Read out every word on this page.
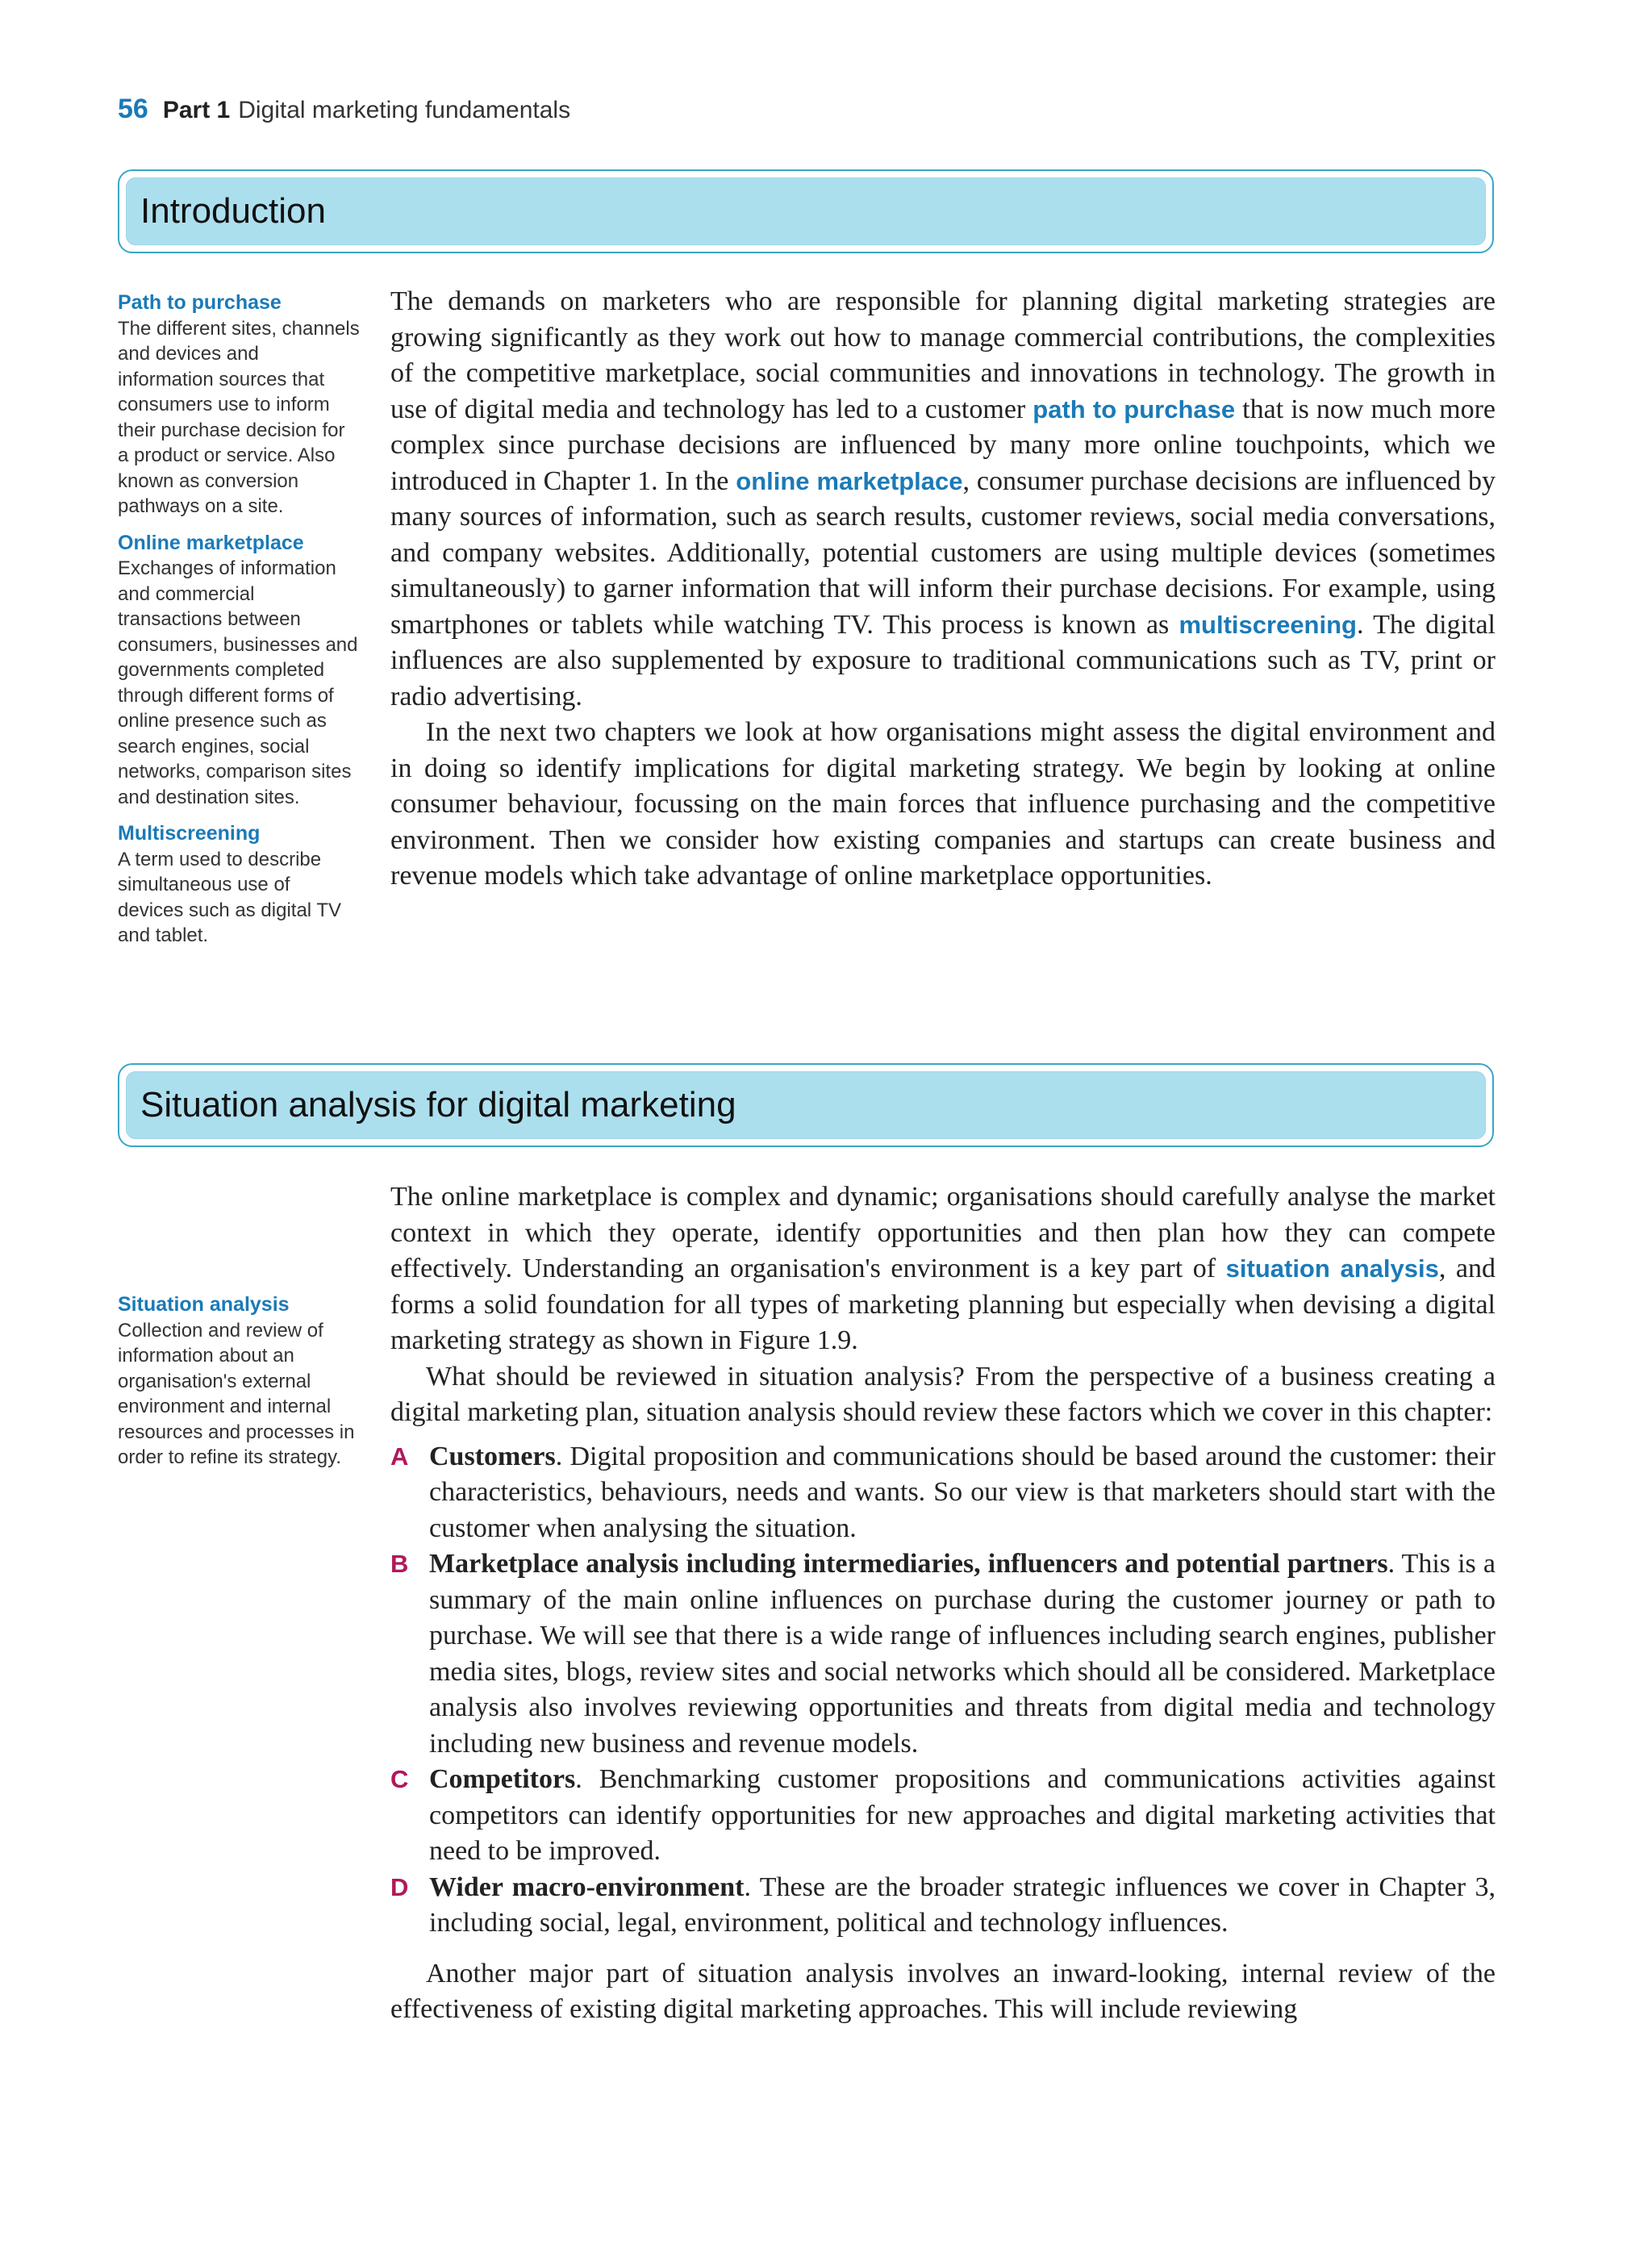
56 Part 1 Digital marketing fundamentals
Introduction
Path to purchase
The different sites, channels and devices and information sources that consumers use to inform their purchase decision for a product or service. Also known as conversion pathways on a site.
Online marketplace
Exchanges of information and commercial transactions between consumers, businesses and governments completed through different forms of online presence such as search engines, social networks, comparison sites and destination sites.
Multiscreening
A term used to describe simultaneous use of devices such as digital TV and tablet.

The demands on marketers who are responsible for planning digital marketing strategies are growing significantly as they work out how to manage commercial contributions, the complexities of the competitive marketplace, social communities and innovations in technology. The growth in use of digital media and technology has led to a customer path to purchase that is now much more complex since purchase decisions are influenced by many more online touchpoints, which we introduced in Chapter 1. In the online marketplace, consumer purchase decisions are influenced by many sources of information, such as search results, customer reviews, social media conversations, and company websites. Additionally, potential customers are using multiple devices (sometimes simultaneously) to garner information that will inform their purchase decisions. For example, using smartphones or tablets while watching TV. This process is known as multiscreening. The digital influences are also supplemented by exposure to traditional communications such as TV, print or radio advertising.

In the next two chapters we look at how organisations might assess the digital environment and in doing so identify implications for digital marketing strategy. We begin by looking at online consumer behaviour, focussing on the main forces that influence purchasing and the competitive environment. Then we consider how existing companies and startups can create business and revenue models which take advantage of online marketplace opportunities.

Situation analysis for digital marketing
Situation analysis
Collection and review of information about an organisation's external environment and internal resources and processes in order to refine its strategy.

The online marketplace is complex and dynamic; organisations should carefully analyse the market context in which they operate, identify opportunities and then plan how they can compete effectively. Understanding an organisation's environment is a key part of situation analysis, and forms a solid foundation for all types of marketing planning but especially when devising a digital marketing strategy as shown in Figure 1.9.

What should be reviewed in situation analysis? From the perspective of a business creating a digital marketing plan, situation analysis should review these factors which we cover in this chapter:

A Customers. Digital proposition and communications should be based around the customer: their characteristics, behaviours, needs and wants. So our view is that marketers should start with the customer when analysing the situation.
B Marketplace analysis including intermediaries, influencers and potential partners. This is a summary of the main online influences on purchase during the customer journey or path to purchase. We will see that there is a wide range of influences including search engines, publisher media sites, blogs, review sites and social networks which should all be considered. Marketplace analysis also involves reviewing opportunities and threats from digital media and technology including new business and revenue models.
C Competitors. Benchmarking customer propositions and communications activities against competitors can identify opportunities for new approaches and digital marketing activities that need to be improved.
D Wider macro-environment. These are the broader strategic influences we cover in Chapter 3, including social, legal, environment, political and technology influences.

Another major part of situation analysis involves an inward-looking, internal review of the effectiveness of existing digital marketing approaches. This will include reviewing
